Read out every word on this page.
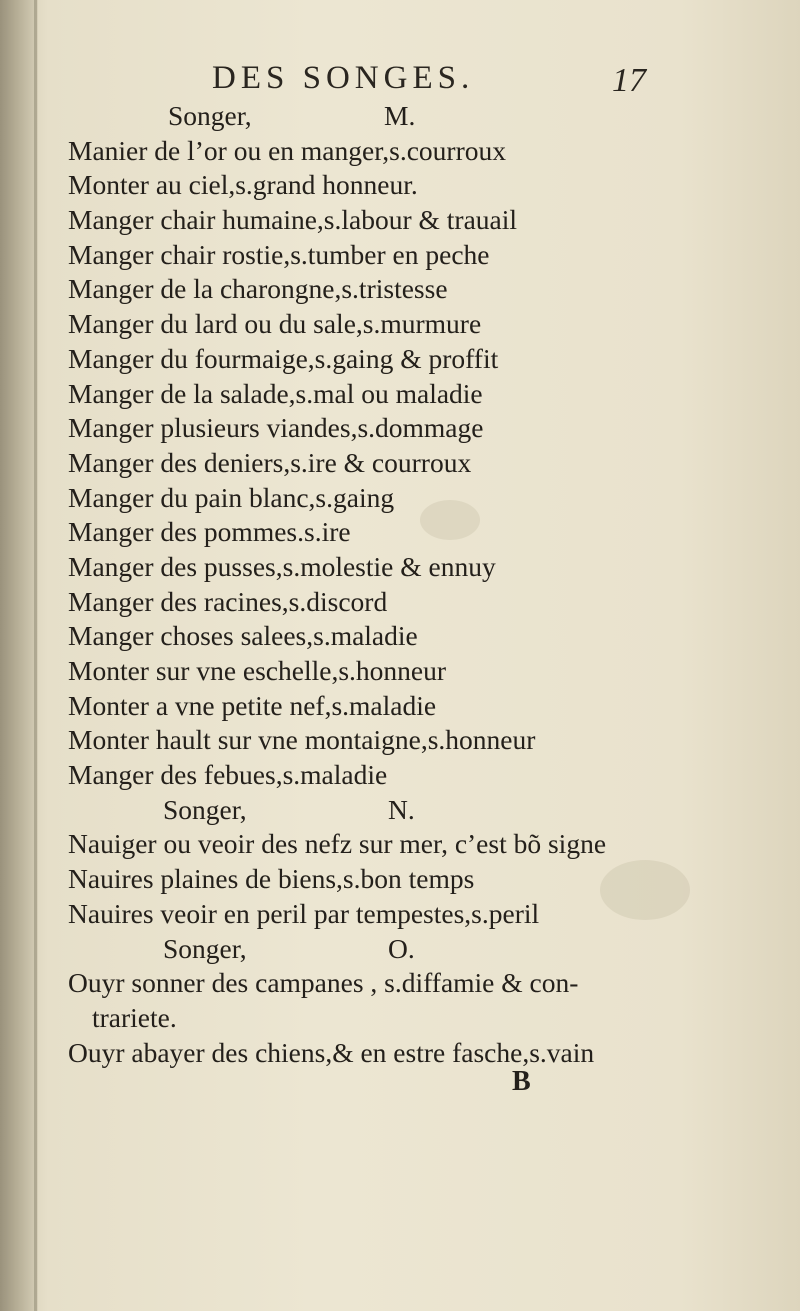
DES SONGES.	17
Songer,	M.
Manier de l’or ou en manger,s.courroux
Monter au ciel,s.grand honneur.
Manger chair humaine,s.labour & trauail
Manger chair rostie,s.tumber en peche
Manger de la charongne,s.tristesse
Manger du lard ou du sale,s.murmure
Manger du fourmaige,s.gaing & proffit
Manger de la salade,s.mal ou maladie
Manger plusieurs viandes,s.dommage
Manger des deniers,s.ire & courroux
Manger du pain blanc,s.gaing
Manger des pommes.s.ire
Manger des pusses,s.molestie & ennuy
Manger des racines,s.discord
Manger choses salees,s.maladie
Monter sur vne eschelle,s.honneur
Monter a vne petite nef,s.maladie
Monter hault sur vne montaigne,s.honneur
Manger des febues,s.maladie
Songer,	N.
Nauiger ou veoir des nefz sur mer, c’est bõ signe
Nauires plaines de biens,s.bon temps
Nauires veoir en peril par tempestes,s.peril
Songer,	O.
Ouyr sonner des campanes , s.diffamie & con-
trariete.
Ouyr abayer des chiens,& en estre fasche,s.vain
B
